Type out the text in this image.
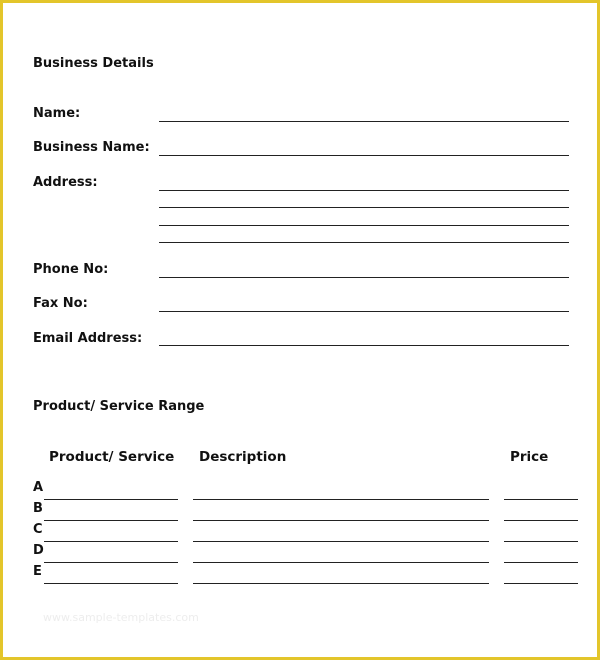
Business Details
Name:
Business Name:
Address:
Phone No:
Fax No:
Email Address:
Product/ Service Range
Product/ Service Description	Price
A
B
C
D
E
www.sample-templates.com
